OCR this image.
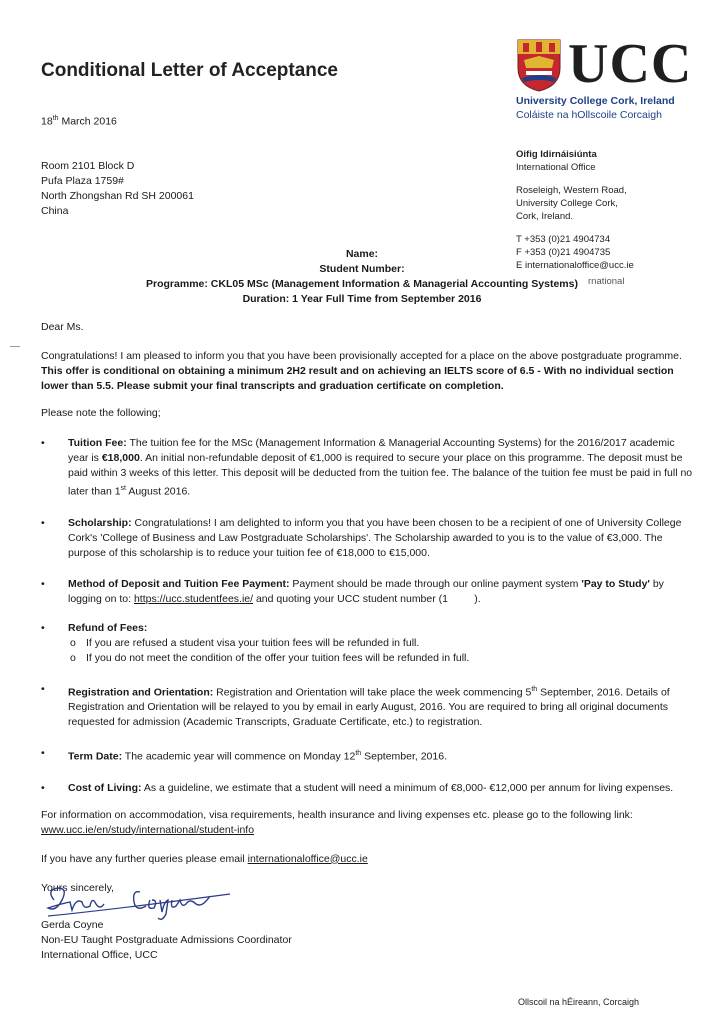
Conditional Letter of Acceptance
18th March 2016
Room 2101 Block D
Pufa Plaza 1759#
North Zhongshan Rd SH 200061
China
UCC
University College Cork, Ireland
Coláiste na hOllscoile Corcaigh
Oifig Idirnáisiúnta
International Office
Roseleigh, Western Road,
University College Cork,
Cork, Ireland.
T +353 (0)21 4904734
F +353 (0)21 4904735
E internationaloffice@ucc.ie
rnational
Name:
Student Number:
Programme: CKL05 MSc (Management Information & Managerial Accounting Systems)
Duration: 1 Year Full Time from September 2016

Dear Ms.

Congratulations! I am pleased to inform you that you have been provisionally accepted for a place on the above postgraduate programme. This offer is conditional on obtaining a minimum 2H2 result and on achieving an IELTS score of 6.5 - With no individual section lower than 5.5. Please submit your final transcripts and graduation certificate on completion.

Please note the following;

• Tuition Fee: The tuition fee for the MSc (Management Information & Managerial Accounting Systems) for the 2016/2017 academic year is €18,000. An initial non-refundable deposit of €1,000 is required to secure your place on this programme. The deposit must be paid within 3 weeks of this letter. This deposit will be deducted from the tuition fee. The balance of the tuition fee must be paid in full no later than 1st August 2016.
• Scholarship: Congratulations! I am delighted to inform you that you have been chosen to be a recipient of one of University College Cork's 'College of Business and Law Postgraduate Scholarships'. The Scholarship awarded to you is to the value of €3,000. The purpose of this scholarship is to reduce your tuition fee of €18,000 to €15,000.
• Method of Deposit and Tuition Fee Payment: Payment should be made through our online payment system 'Pay to Study' by logging on to: https://ucc.studentfees.ie/ and quoting your UCC student number (1	).
• Refund of Fees:
o If you are refused a student visa your tuition fees will be refunded in full.
o If you do not meet the condition of the offer your tuition fees will be refunded in full.
• Registration and Orientation: Registration and Orientation will take place the week commencing 5th September, 2016. Details of Registration and Orientation will be relayed to you by email in early August, 2016. You are required to bring all original documents requested for admission (Academic Transcripts, Graduate Certificate, etc.) to registration.
• Term Date: The academic year will commence on Monday 12th September, 2016.
• Cost of Living: As a guideline, we estimate that a student will need a minimum of €8,000- €12,000 per annum for living expenses.

For information on accommodation, visa requirements, health insurance and living expenses etc. please go to the following link: www.ucc.ie/en/study/international/student-info

If you have any further queries please email internationaloffice@ucc.ie

Yours sincerely,

Gerda Coyne
Non-EU Taught Postgraduate Admissions Coordinator
International Office, UCC
Ollscoil na hÉireann, Corcaigh
